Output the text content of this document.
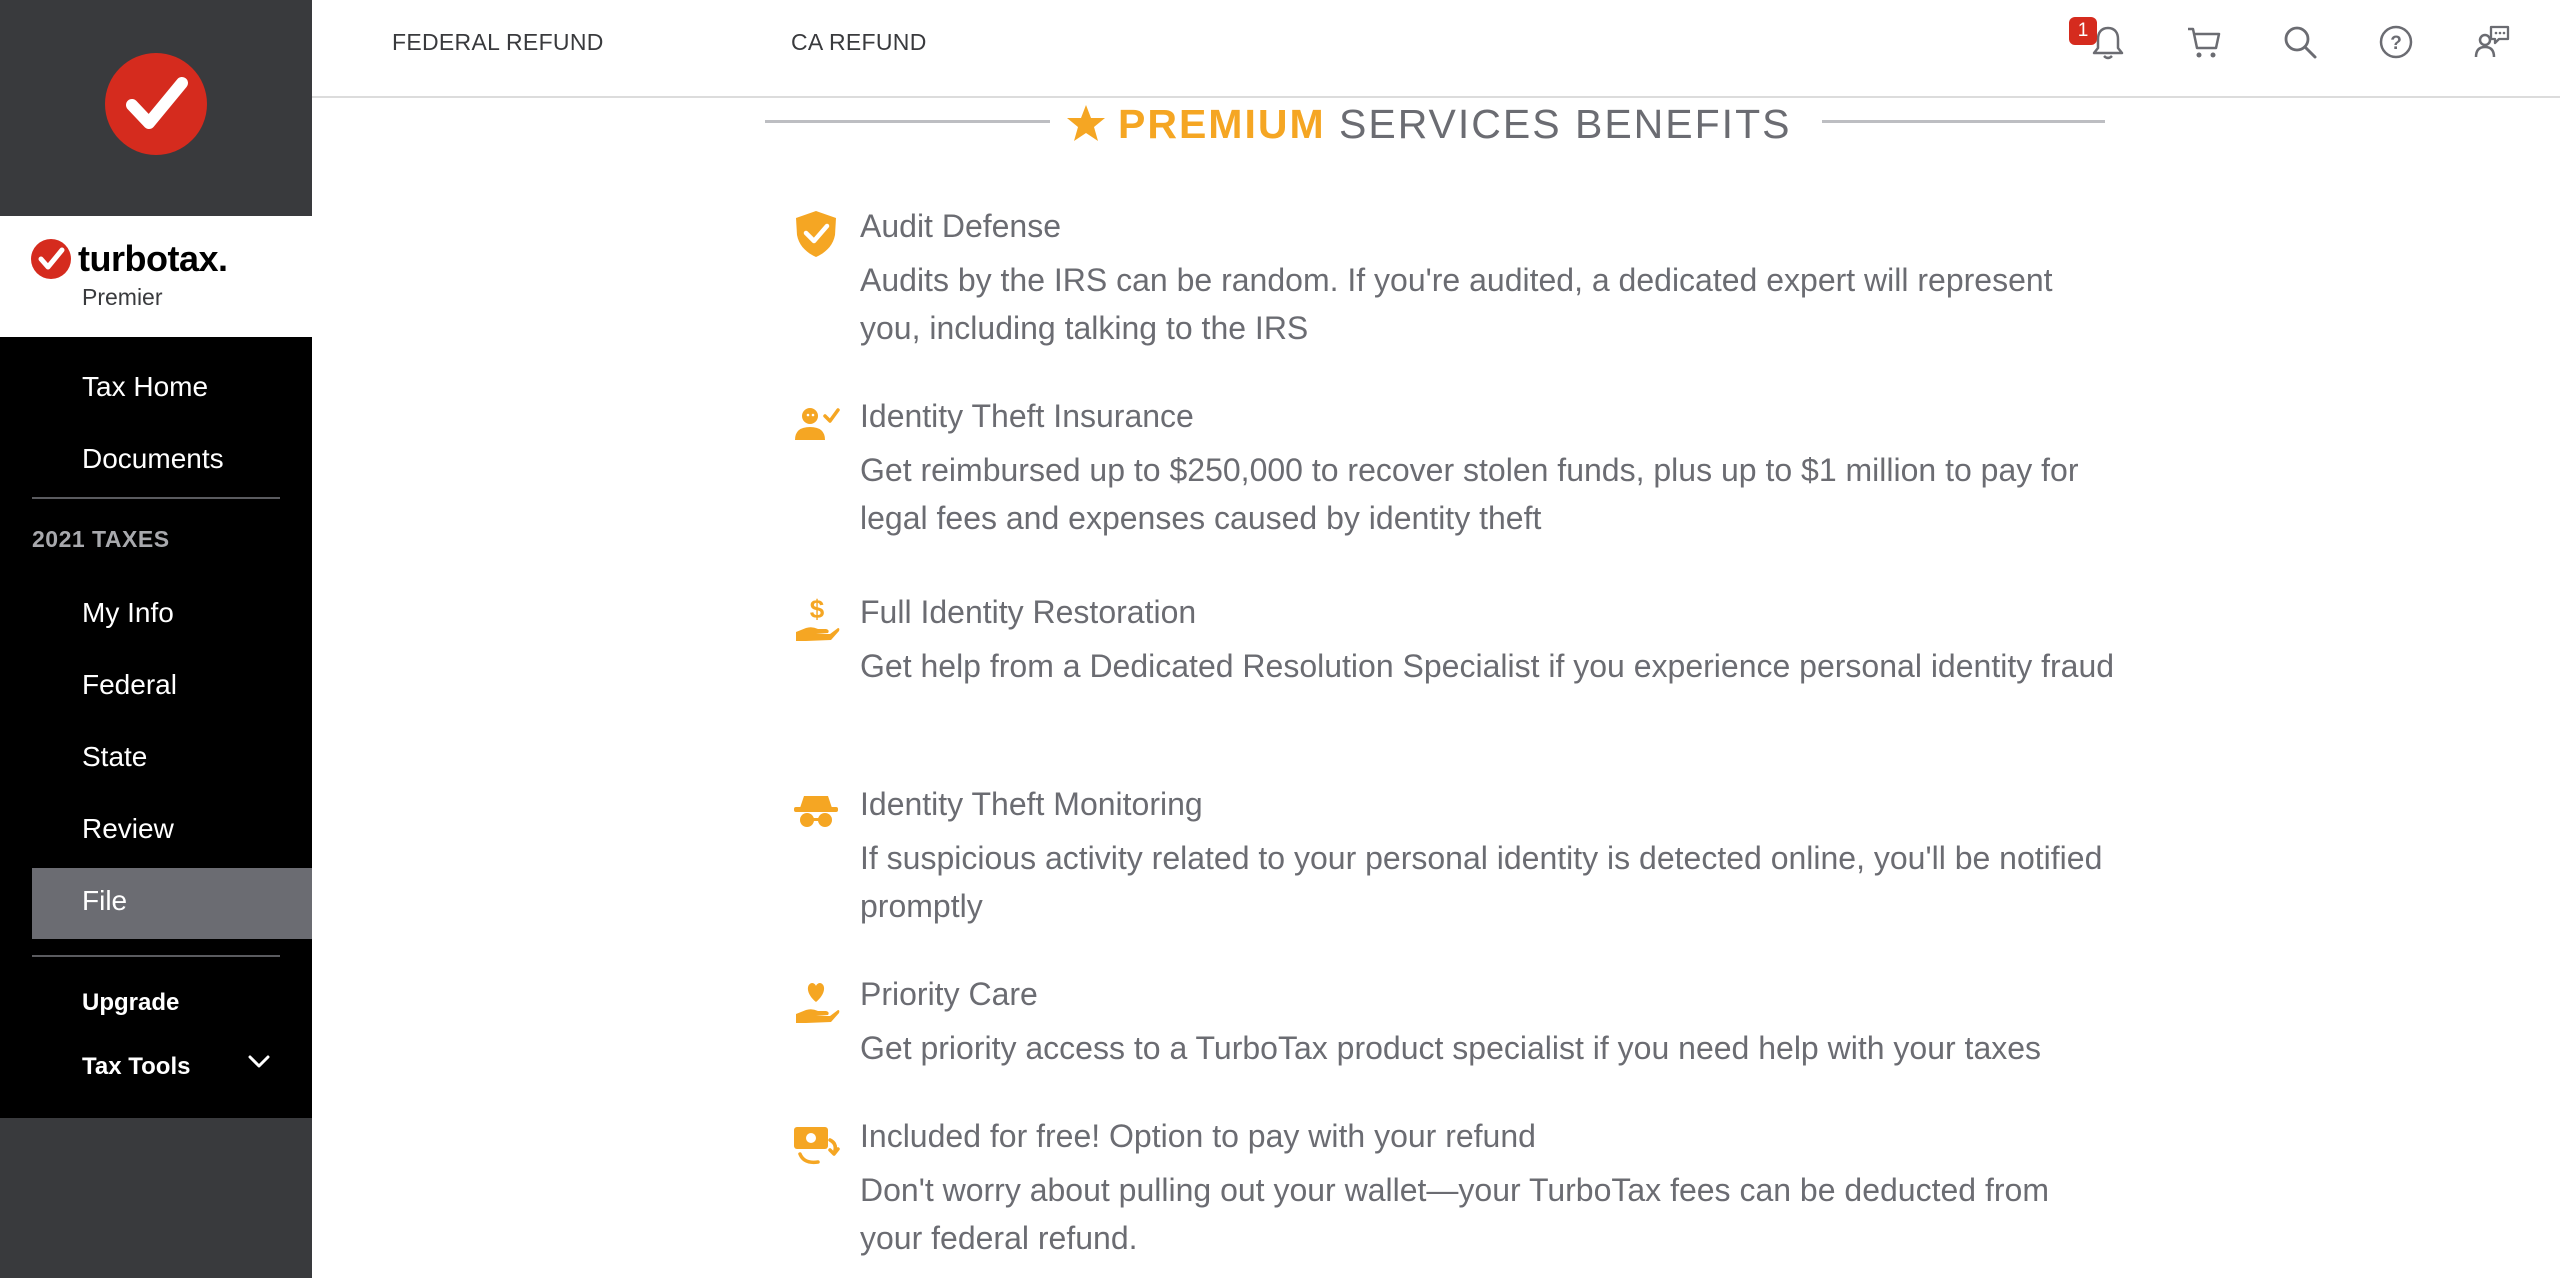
turbotax.
Premier
Tax Home
Documents
2021 TAXES
My Info
Federal
State
Review
File
Upgrade
Tax Tools
FEDERAL REFUND	CA REFUND	?
1
PREMIUM SERVICES BENEFITS
Audit Defense
Audits by the IRS can be random. If you're audited, a dedicated expert will represent you, including talking to the IRS
Identity Theft Insurance
Get reimbursed up to $250,000 to recover stolen funds, plus up to $1 million to pay for legal fees and expenses caused by identity theft
$ Full Identity Restoration
Get help from a Dedicated Resolution Specialist if you experience personal identity fraud
Identity Theft Monitoring
If suspicious activity related to your personal identity is detected online, you'll be notified promptly
Priority Care
Get priority access to a TurboTax product specialist if you need help with your taxes
Included for free! Option to pay with your refund
Don't worry about pulling out your wallet—your TurboTax fees can be deducted from your federal refund.
